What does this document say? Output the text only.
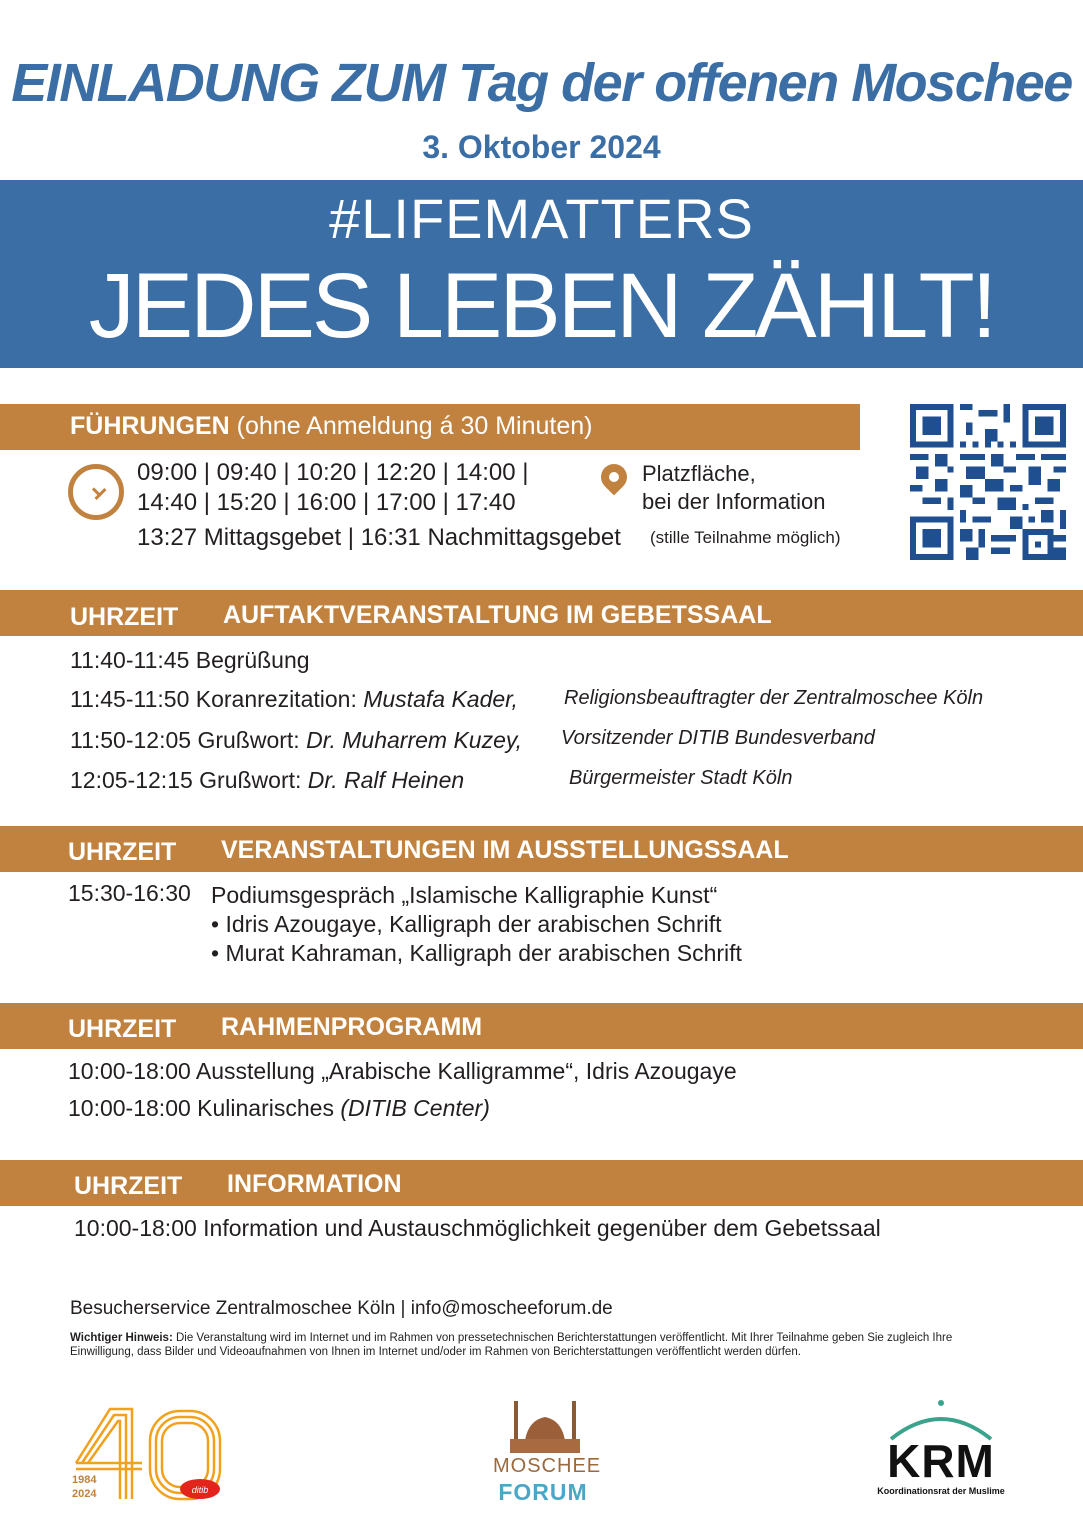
EINLADUNG ZUM Tag der offenen Moschee
3. Oktober 2024
#LIFEMATTERS
JEDES LEBEN ZÄHLT!
FÜHRUNGEN (ohne Anmeldung á 30 Minuten)
09:00 | 09:40 | 10:20 | 12:20 | 14:00 |
14:40 | 15:20 | 16:00 | 17:00 | 17:40
13:27 Mittagsgebet | 16:31 Nachmittagsgebet
Platzfläche,
bei der Information
(stille Teilnahme möglich)
UHRZEIT AUFTAKTVERANSTALTUNG IM GEBETSSAAL
11:40-11:45 Begrüßung
11:45-11:50 Koranrezitation: Mustafa Kader, Religionsbeauftragter der Zentralmoschee Köln
11:50-12:05 Grußwort: Dr. Muharrem Kuzey, Vorsitzender DITIB Bundesverband
12:05-12:15 Grußwort: Dr. Ralf Heinen	Bürgermeister Stadt Köln
UHRZEIT VERANSTALTUNGEN IM AUSSTELLUNGSSAAL
15:30-16:30 Podiumsgespräch „Islamische Kalligraphie Kunst“
• Idris Azougaye, Kalligraph der arabischen Schrift
• Murat Kahraman, Kalligraph der arabischen Schrift
UHRZEIT RAHMENPROGRAMM
10:00-18:00 Ausstellung „Arabische Kalligramme“, Idris Azougaye
10:00-18:00 Kulinarisches (DITIB Center)
UHRZEIT INFORMATION
10:00-18:00 Information und Austauschmöglichkeit gegenüber dem Gebetssaal
Besucherservice Zentralmoschee Köln | info@moscheeforum.de
Wichtiger Hinweis: Die Veranstaltung wird im Internet und im Rahmen von pressetechnischen Berichterstattungen veröffentlicht. Mit Ihrer Teilnahme geben Sie zugleich Ihre Einwilligung, dass Bilder und Videoaufnahmen von Ihnen im Internet und/oder im Rahmen von Berichterstattungen veröffentlicht werden dürfen.
1984
2024	ditib
MOSCHEE
FORUM
KRM
Koordinationsrat der Muslime
